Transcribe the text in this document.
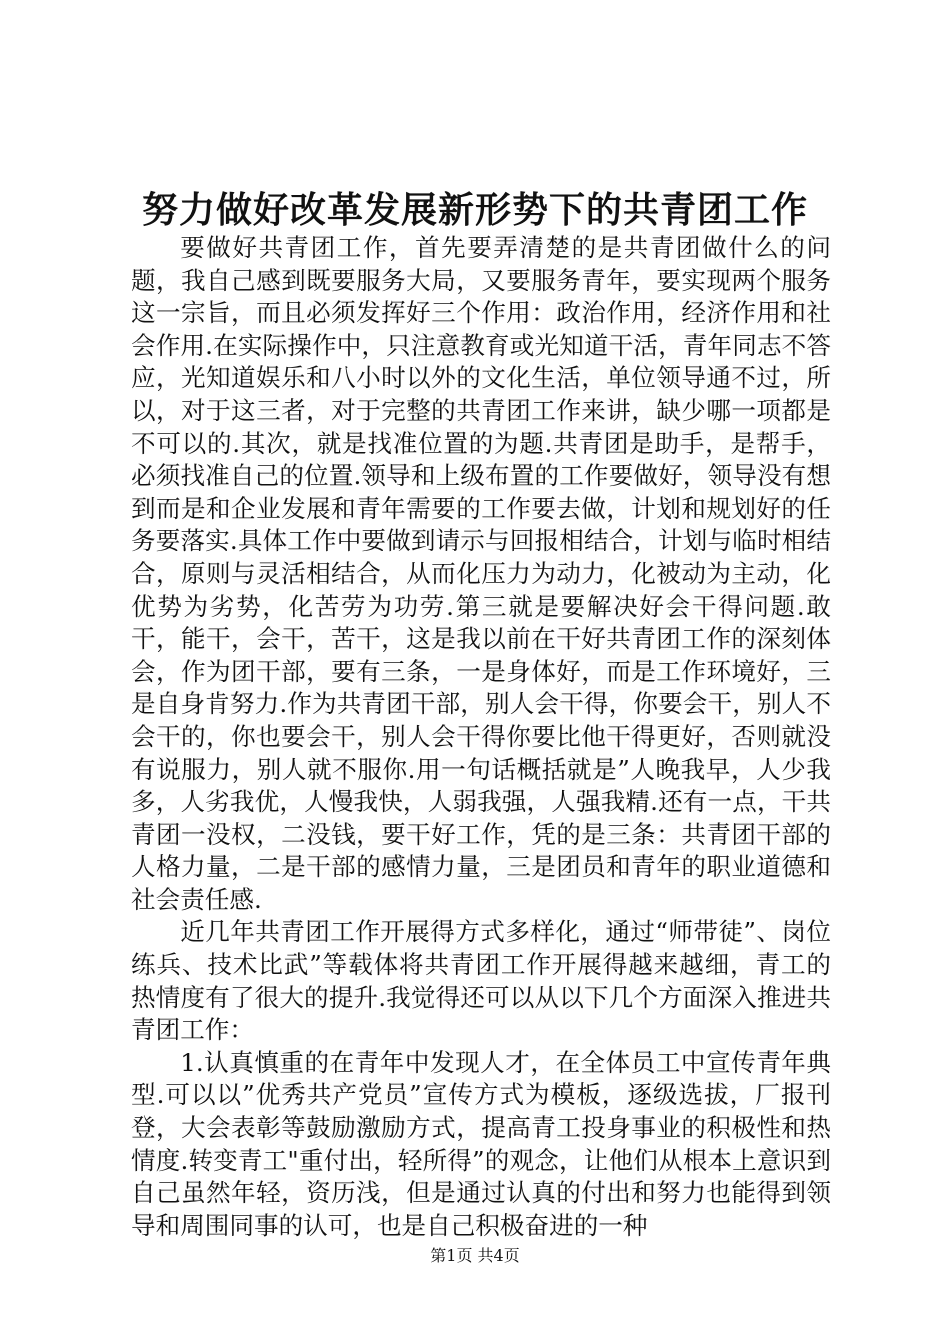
努力做好改革发展新形势下的共青团工作

要做好共青团工作，首先要弄清楚的是共青团做什么的问题，我自己感到既要服务大局，又要服务青年，要实现两个服务这一宗旨，而且必须发挥好三个作用：政治作用，经济作用和社会作用.在实际操作中，只注意教育或光知道干活，青年同志不答应，光知道娱乐和八小时以外的文化生活，单位领导通不过，所以，对于这三者，对于完整的共青团工作来讲，缺少哪一项都是不可以的.其次，就是找准位置的为题.共青团是助手，是帮手，必须找准自己的位置.领导和上级布置的工作要做好，领导没有想到而是和企业发展和青年需要的工作要去做，计划和规划好的任务要落实.具体工作中要做到请示与回报相结合，计划与临时相结合，原则与灵活相结合，从而化压力为动力，化被动为主动，化优势为劣势，化苦劳为功劳.第三就是要解决好会干得问题.敢干，能干，会干，苦干，这是我以前在干好共青团工作的深刻体会，作为团干部，要有三条，一是身体好，而是工作环境好，三是自身肯努力.作为共青团干部，别人会干得，你要会干，别人不会干的，你也要会干，别人会干得你要比他干得更好，否则就没有说服力，别人就不服你.用一句话概括就是”人晚我早，人少我多，人劣我优，人慢我快，人弱我强，人强我精.还有一点，干共青团一没权，二没钱，要干好工作，凭的是三条：共青团干部的人格力量，二是干部的感情力量，三是团员和青年的职业道德和社会责任感.

近几年共青团工作开展得方式多样化，通过“师带徒”、岗位练兵、技术比武”等载体将共青团工作开展得越来越细，青工的热情度有了很大的提升.我觉得还可以从以下几个方面深入推进共青团工作：

1.认真慎重的在青年中发现人才，在全体员工中宣传青年典型.可以以”优秀共产党员”宣传方式为模板，逐级选拔，厂报刊登，大会表彰等鼓励激励方式，提高青工投身事业的积极性和热情度.转变青工"重付出，轻所得”的观念，让他们从根本上意识到自己虽然年轻，资历浅，但是通过认真的付出和努力也能得到领导和周围同事的认可，也是自己积极奋进的一种

第1页 共4页
